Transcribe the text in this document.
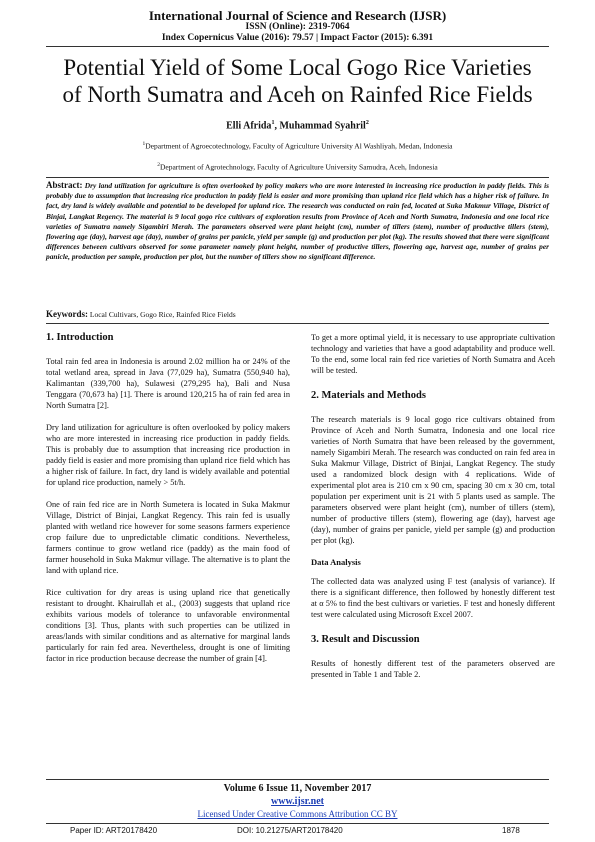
International Journal of Science and Research (IJSR)
ISSN (Online): 2319-7064
Index Copernicus Value (2016): 79.57 | Impact Factor (2015): 6.391
Potential Yield of Some Local Gogo Rice Varieties
of North Sumatra and Aceh on Rainfed Rice Fields
Elli Afrida$^1$, Muhammad Syahril$^2$
$^1$Department of Agroecotechnology, Faculty of Agriculture University Al Washliyah, Medan, Indonesia
$^2$Department of Agrotechnology, Faculty of Agriculture University Samudra, Aceh, Indonesia
Abstract: Dry land utilization for agriculture is often overlooked by policy makers who are more interested in increasing rice production in paddy fields. This is probably due to assumption that increasing rice production in paddy field is easier and more promising than upland rice field which has a higher risk of failure. In fact, dry land is widely available and potential to be developed for upland rice. The research was conducted on rain fed, located at Suka Makmur Village, District of Binjai, Langkat Regency. The material is 9 local gogo rice cultivars of exploration results from Province of Aceh and North Sumatra, Indonesia and one local rice varieties of Sumatra namely Sigambiri Merah. The parameters observed were plant height (cm), number of tillers (stem), number of productive tillers (stem), flowering age (day), harvest age (day), number of grains per panicle, yield per sample (g) and production per plot (kg). The results showed that there were significant differences between cultivars observed for some parameter namely plant height, number of productive tillers, flowering age, harvest age, number of grains per panicle, production per sample, production per plot, but the number of tillers show no significant difference.
Keywords: Local Cultivars, Gogo Rice, Rainfed Rice Fields

1. Introduction

Total rain fed area in Indonesia is around 2.02 million ha or 24% of the total wetland area, spread in Java (77,029 ha), Sumatra (550,940 ha), Kalimantan (339,700 ha), Sulawesi (279,295 ha), Bali and Nusa Tenggara (70,673 ha) [1]. There is around 120,215 ha of rain fed area in North Sumatra [2].

Dry land utilization for agriculture is often overlooked by policy makers who are more interested in increasing rice production in paddy fields. This is probably due to assumption that increasing rice production in paddy field is easier and more promising than upland rice field which has a higher risk of failure. In fact, dry land is widely available and potential for upland rice production, namely > 5t/h.

One of rain fed rice are in North Sumetera is located in Suka Makmur Village, District of Binjai, Langkat Regency. This rain fed is usually planted with wetland rice however for some seasons farmers experience crop failure due to unpredictable climatic conditions. Nevertheless, farmers continue to grow wetland rice (paddy) as the main food of farmer household in Suka Makmur village. The alternative is to plant the land with upland rice.

Rice cultivation for dry areas is using upland rice that genetically resistant to drought. Khairullah et al., (2003) suggests that upland rice exhibits various models of tolerance to unfavorable environmental conditions [3]. Thus, plants with such properties can be utilized in areas/lands with similar conditions and as alternative for marginal lands particularly for rain fed area. Nevertheless, drought is one of limiting factor in rice production because decrease the number of grain [4].

To get a more optimal yield, it is necessary to use appropriate cultivation technology and varieties that have a good adaptability and produce well. To the end, some local rain fed rice varieties of North Sumatra and Aceh will be tested.

2. Materials and Methods

The research materials is 9 local gogo rice cultivars obtained from Province of Aceh and North Sumatra, Indonesia and one local rice varieties of North Sumatra that have been released by the government, namely Sigambiri Merah. The research was conducted on rain fed area in Suka Makmur Village, District of Binjai, Langkat Regency. The study used a randomized block design with 4 replications. Wide of experimental plot area is 210 cm x 90 cm, spacing 30 cm x 30 cm, total population per experiment unit is 21 with 5 plants used as sample. The parameters observed were plant height (cm), number of tillers (stem), number of productive tillers (stem), flowering age (day), harvest age (day), number of grains per panicle, yield per sample (g) and production per plot (kg).

Data Analysis

The collected data was analyzed using F test (analysis of variance). If there is a significant difference, then followed by honestly different test at α 5% to find the best cultivars or varieties. F test and honesly different test were calculated using Microsoft Excel 2007.

3. Result and Discussion

Results of honestly different test of the parameters observed are presented in Table 1 and Table 2.

Volume 6 Issue 11, November 2017
www.ijsr.net
Licensed Under Creative Commons Attribution CC BY
Paper ID: ART20178420	DOI: 10.21275/ART20178420	1878
